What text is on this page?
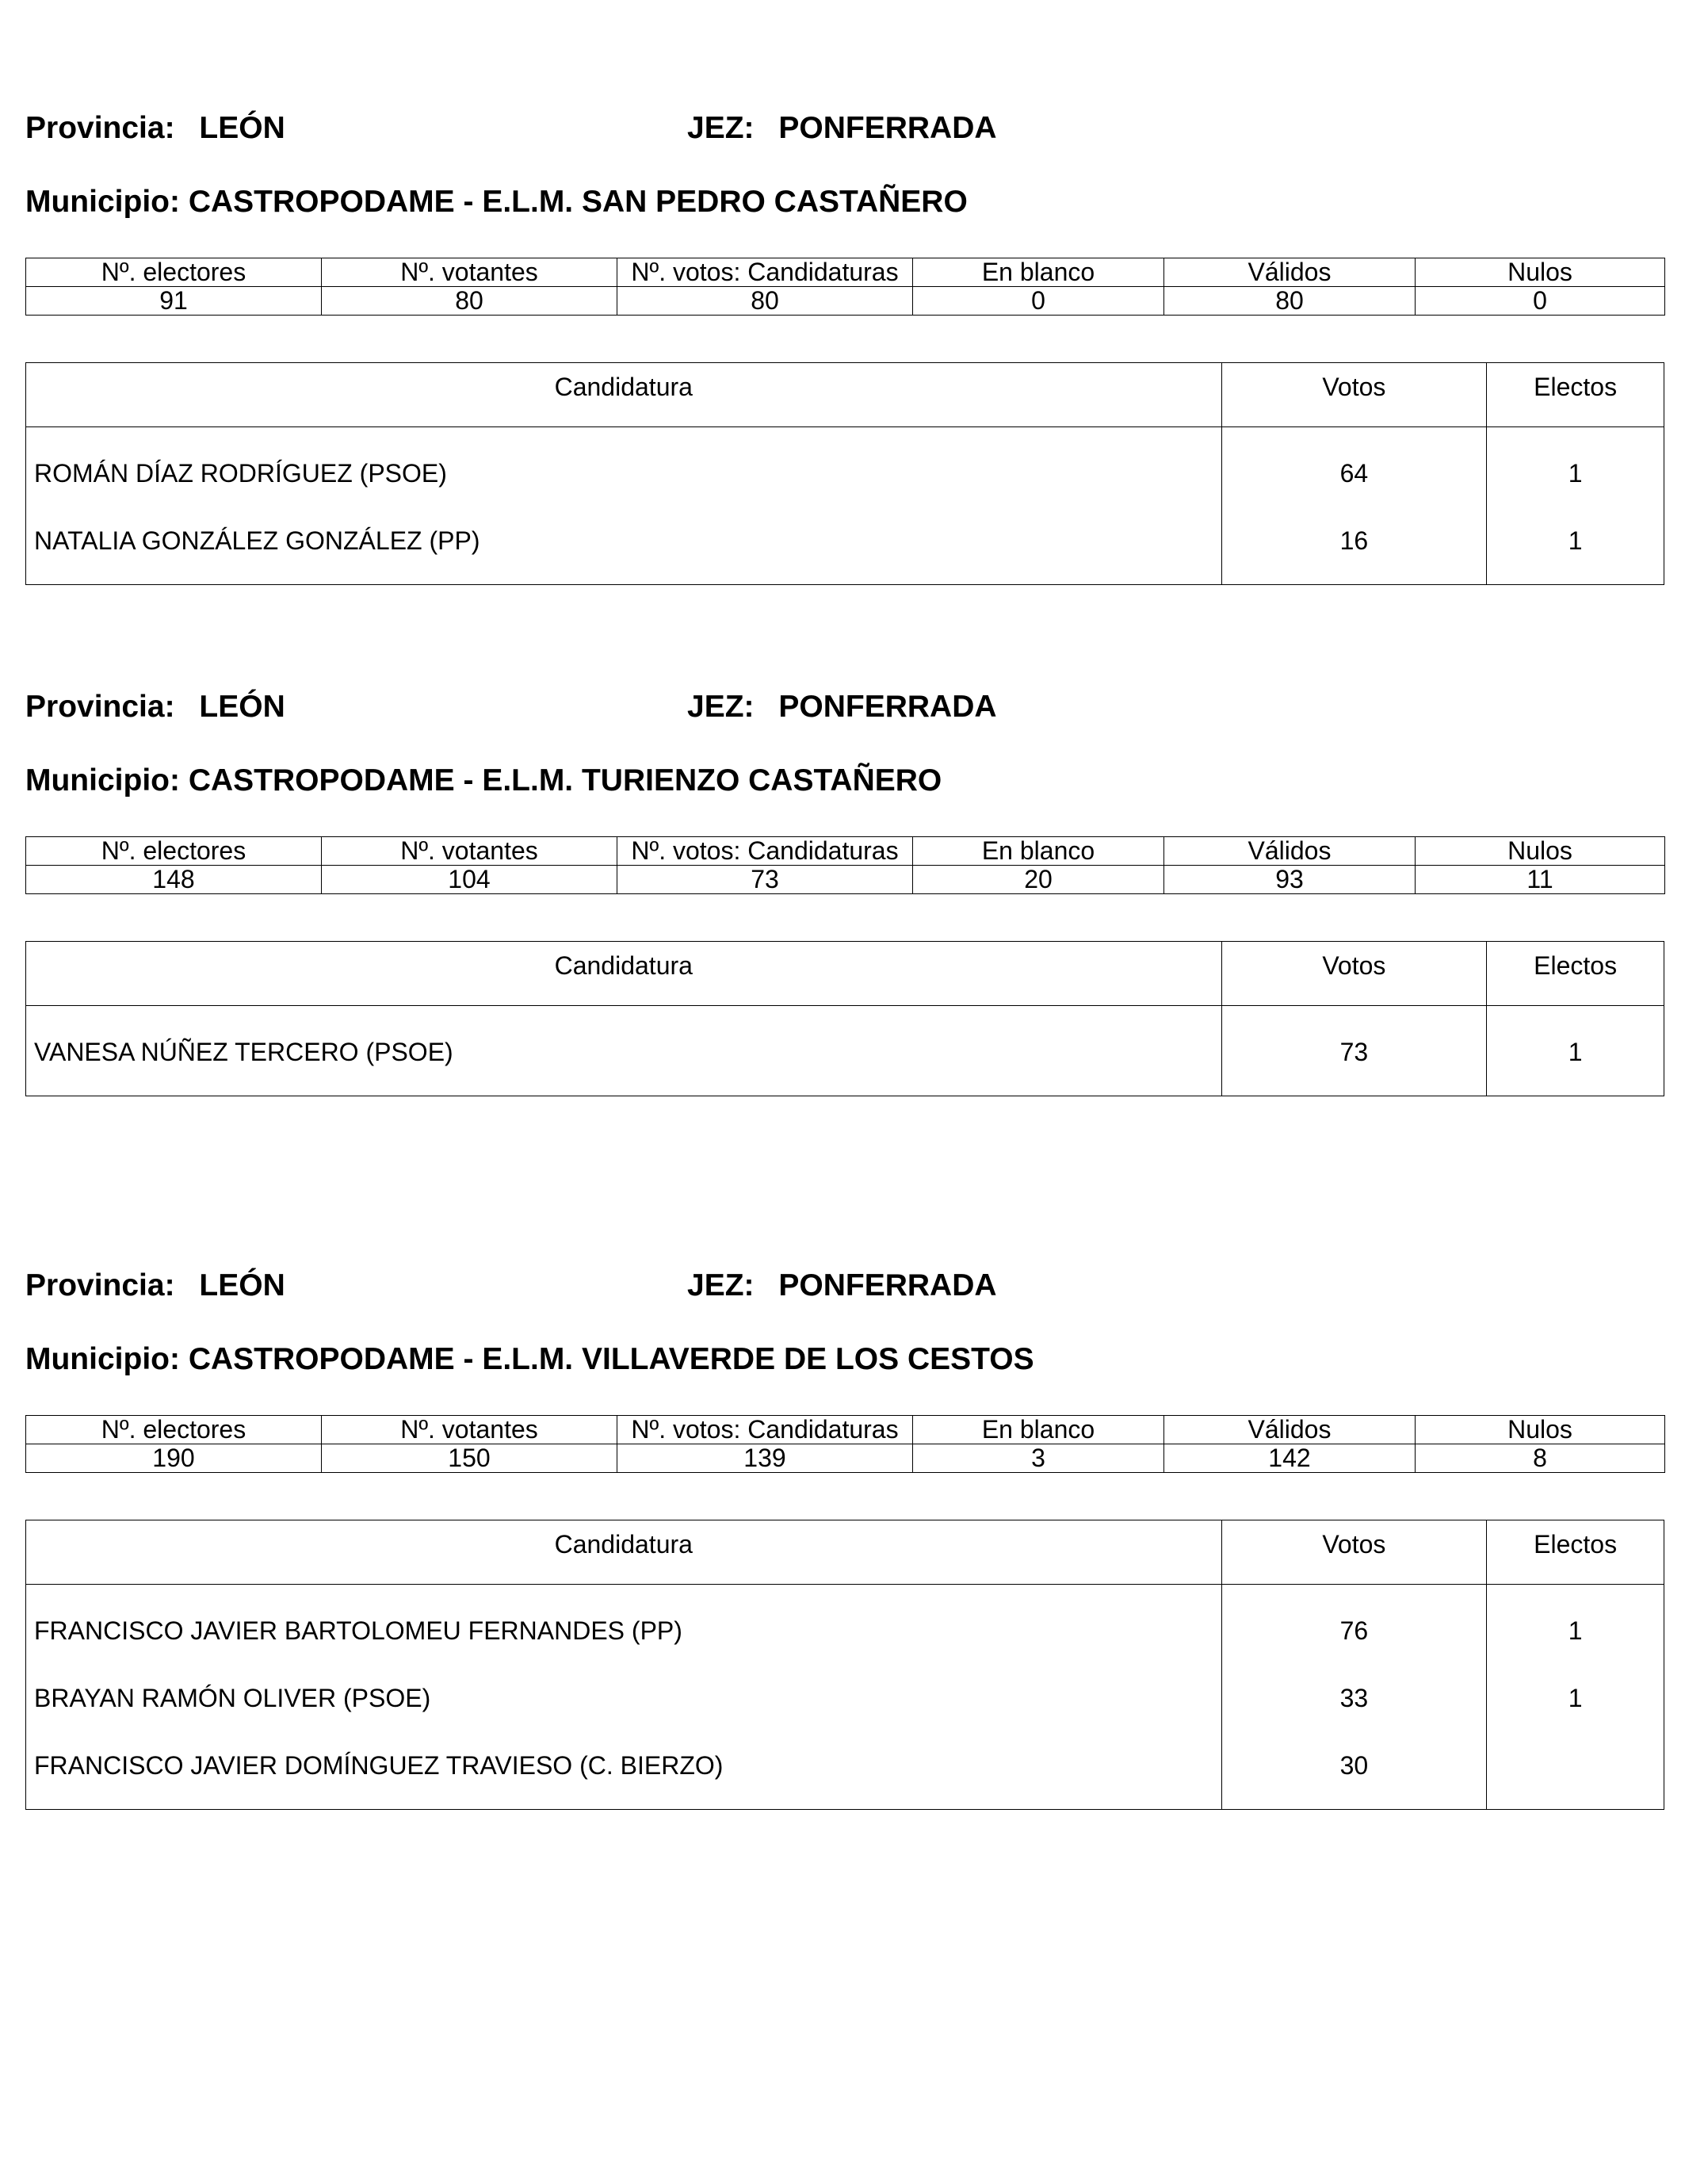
Provincia: LEÓN	JEZ: PONFERRADA
Municipio: CASTROPODAME - E.L.M. SAN PEDRO CASTAÑERO
Nº. electores	Nº. votantes	Nº. votos: Candidaturas	En blanco	Válidos	Nulos
91	80	80	0	80	0
Candidatura	Votos	Electos
ROMÁN DÍAZ RODRÍGUEZ (PSOE)	64	1
NATALIA GONZÁLEZ GONZÁLEZ (PP)	16	1
Provincia: LEÓN	JEZ: PONFERRADA
Municipio: CASTROPODAME - E.L.M. TURIENZO CASTAÑERO
Nº. electores	Nº. votantes	Nº. votos: Candidaturas	En blanco	Válidos	Nulos
148	104	73	20	93	11
Candidatura	Votos	Electos
VANESA NÚÑEZ TERCERO (PSOE)	73	1
Provincia: LEÓN	JEZ: PONFERRADA
Municipio: CASTROPODAME - E.L.M. VILLAVERDE DE LOS CESTOS
Nº. electores	Nº. votantes	Nº. votos: Candidaturas	En blanco	Válidos	Nulos
190	150	139	3	142	8
Candidatura	Votos	Electos
FRANCISCO JAVIER BARTOLOMEU FERNANDES (PP)	76	1
BRAYAN RAMÓN OLIVER (PSOE)	33	1
FRANCISCO JAVIER DOMÍNGUEZ TRAVIESO (C. BIERZO)	30
